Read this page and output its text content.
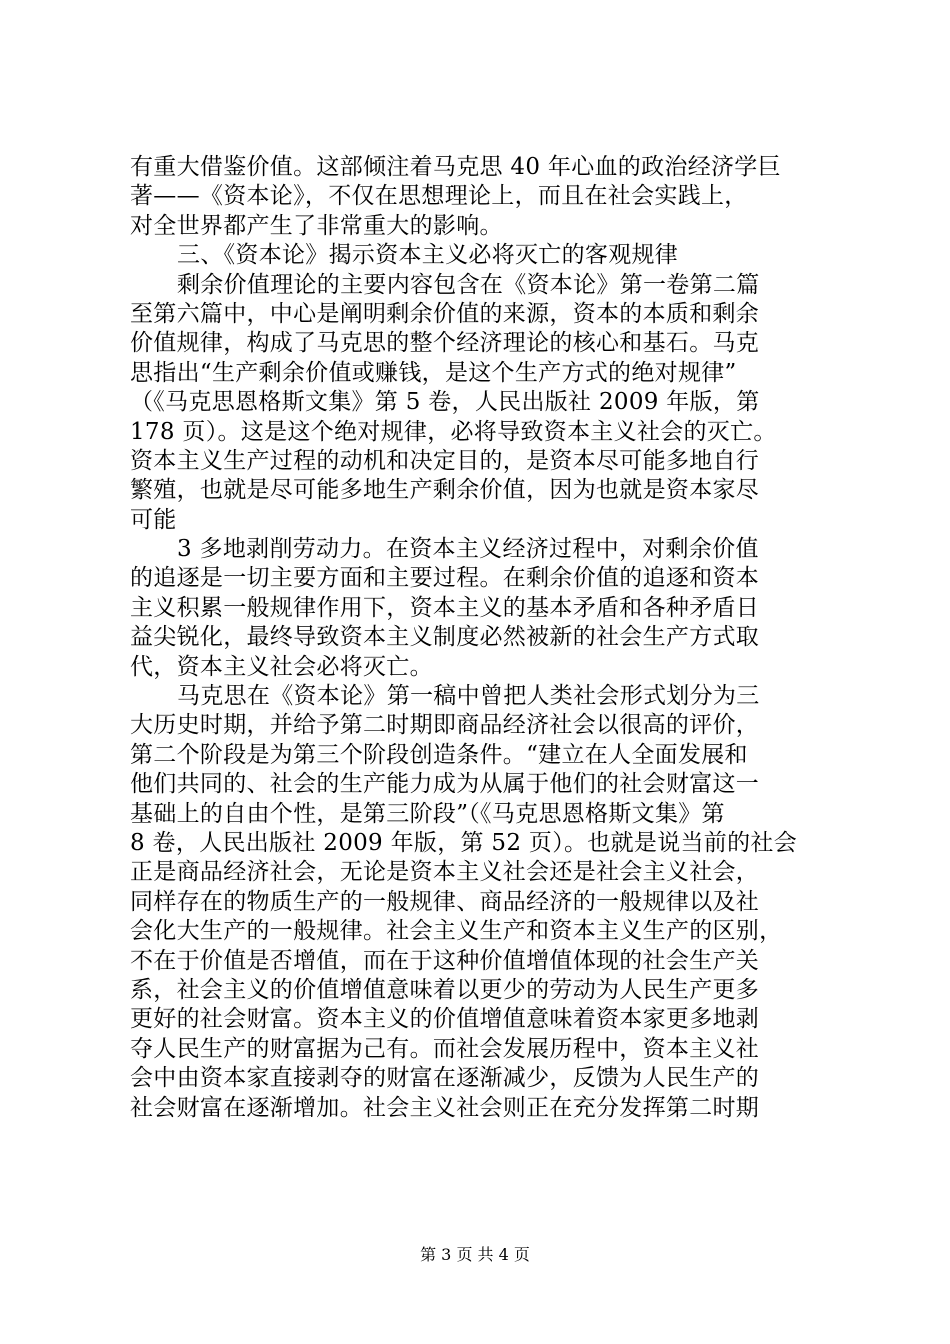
有重大借鉴价值。这部倾注着马克思 40 年心血的政治经济学巨
著——《资本论》，不仅在思想理论上，而且在社会实践上，
对全世界都产生了非常重大的影响。
三、《资本论》揭示资本主义必将灭亡的客观规律
剩余价值理论的主要内容包含在《资本论》第一卷第二篇
至第六篇中，中心是阐明剩余价值的来源，资本的本质和剩余
价值规律，构成了马克思的整个经济理论的核心和基石。马克
思指出“生产剩余价值或赚钱，是这个生产方式的绝对规律”
（《马克思恩格斯文集》第 5 卷，人民出版社 2009 年版，第
178 页）。这是这个绝对规律，必将导致资本主义社会的灭亡。
资本主义生产过程的动机和决定目的，是资本尽可能多地自行
繁殖，也就是尽可能多地生产剩余价值，因为也就是资本家尽
可能
3 多地剥削劳动力。在资本主义经济过程中，对剩余价值
的追逐是一切主要方面和主要过程。在剩余价值的追逐和资本
主义积累一般规律作用下，资本主义的基本矛盾和各种矛盾日
益尖锐化，最终导致资本主义制度必然被新的社会生产方式取
代，资本主义社会必将灭亡。
马克思在《资本论》第一稿中曾把人类社会形式划分为三
大历史时期，并给予第二时期即商品经济社会以很高的评价，
第二个阶段是为第三个阶段创造条件。“建立在人全面发展和
他们共同的、社会的生产能力成为从属于他们的社会财富这一
基础上的自由个性，是第三阶段”（《马克思恩格斯文集》第
8 卷，人民出版社 2009 年版，第 52 页）。也就是说当前的社会
正是商品经济社会，无论是资本主义社会还是社会主义社会，
同样存在的物质生产的一般规律、商品经济的一般规律以及社
会化大生产的一般规律。社会主义生产和资本主义生产的区别，
不在于价值是否增值，而在于这种价值增值体现的社会生产关
系，社会主义的价值增值意味着以更少的劳动为人民生产更多
更好的社会财富。资本主义的价值增值意味着资本家更多地剥
夺人民生产的财富据为己有。而社会发展历程中，资本主义社
会中由资本家直接剥夺的财富在逐渐减少，反馈为人民生产的
社会财富在逐渐增加。社会主义社会则正在充分发挥第二时期
第 3 页 共 4 页
